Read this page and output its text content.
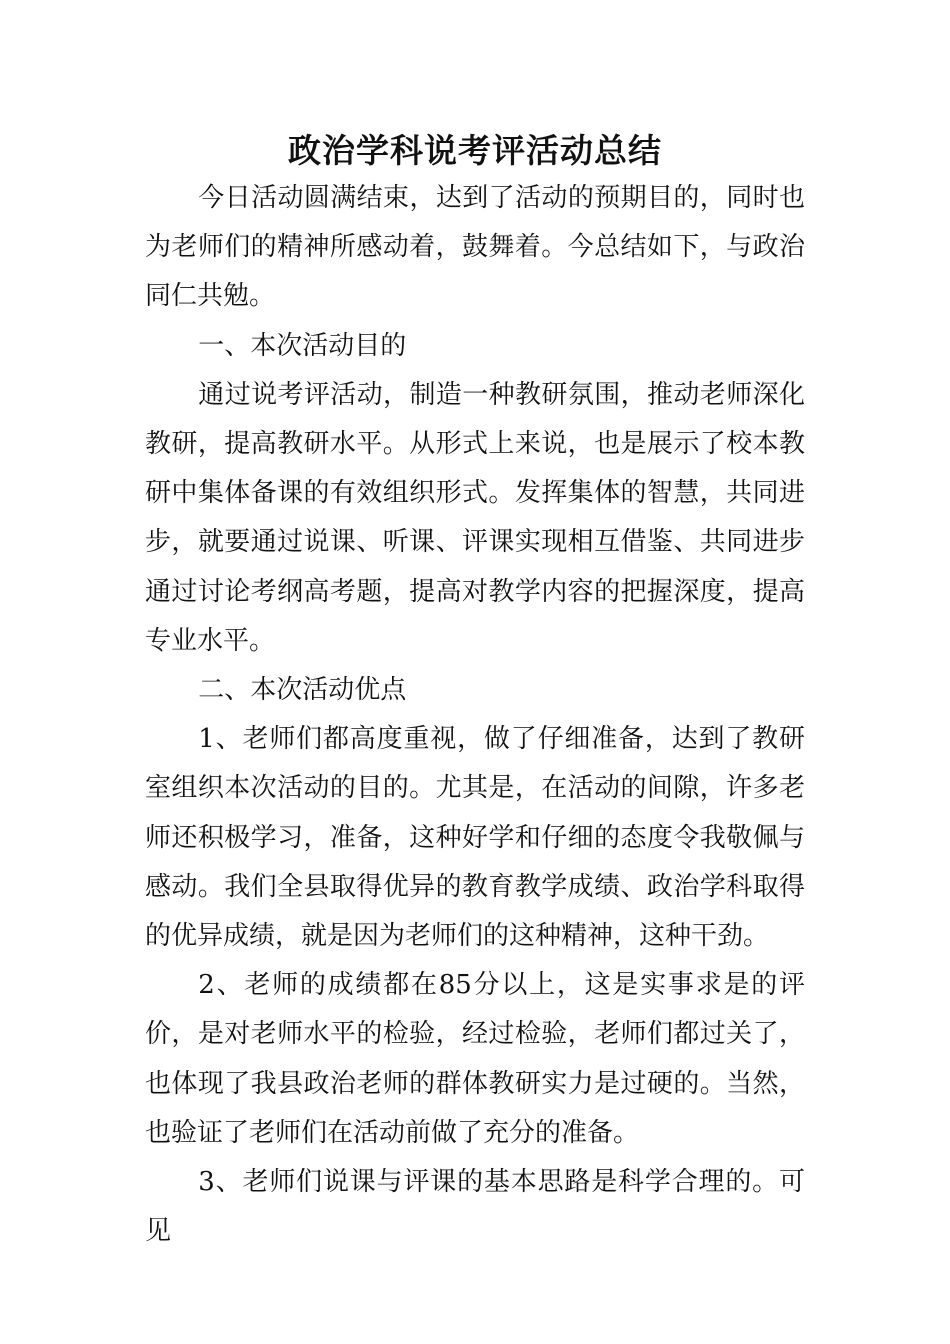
政治学科说考评活动总结

今日活动圆满结束，达到了活动的预期目的，同时也为老师们的精神所感动着，鼓舞着。今总结如下，与政治同仁共勉。

一、本次活动目的

通过说考评活动，制造一种教研氛围，推动老师深化教研，提高教研水平。从形式上来说，也是展示了校本教研中集体备课的有效组织形式。发挥集体的智慧，共同进步，就要通过说课、听课、评课实现相互借鉴、共同进步通过讨论考纲高考题，提高对教学内容的把握深度，提高专业水平。

二、本次活动优点

1、老师们都高度重视，做了仔细准备，达到了教研室组织本次活动的目的。尤其是，在活动的间隙，许多老师还积极学习，准备，这种好学和仔细的态度令我敬佩与感动。我们全县取得优异的教育教学成绩、政治学科取得的优异成绩，就是因为老师们的这种精神，这种干劲。

2、老师的成绩都在85分以上，这是实事求是的评价，是对老师水平的检验，经过检验，老师们都过关了，也体现了我县政治老师的群体教研实力是过硬的。当然，也验证了老师们在活动前做了充分的准备。

3、老师们说课与评课的基本思路是科学合理的。可见
